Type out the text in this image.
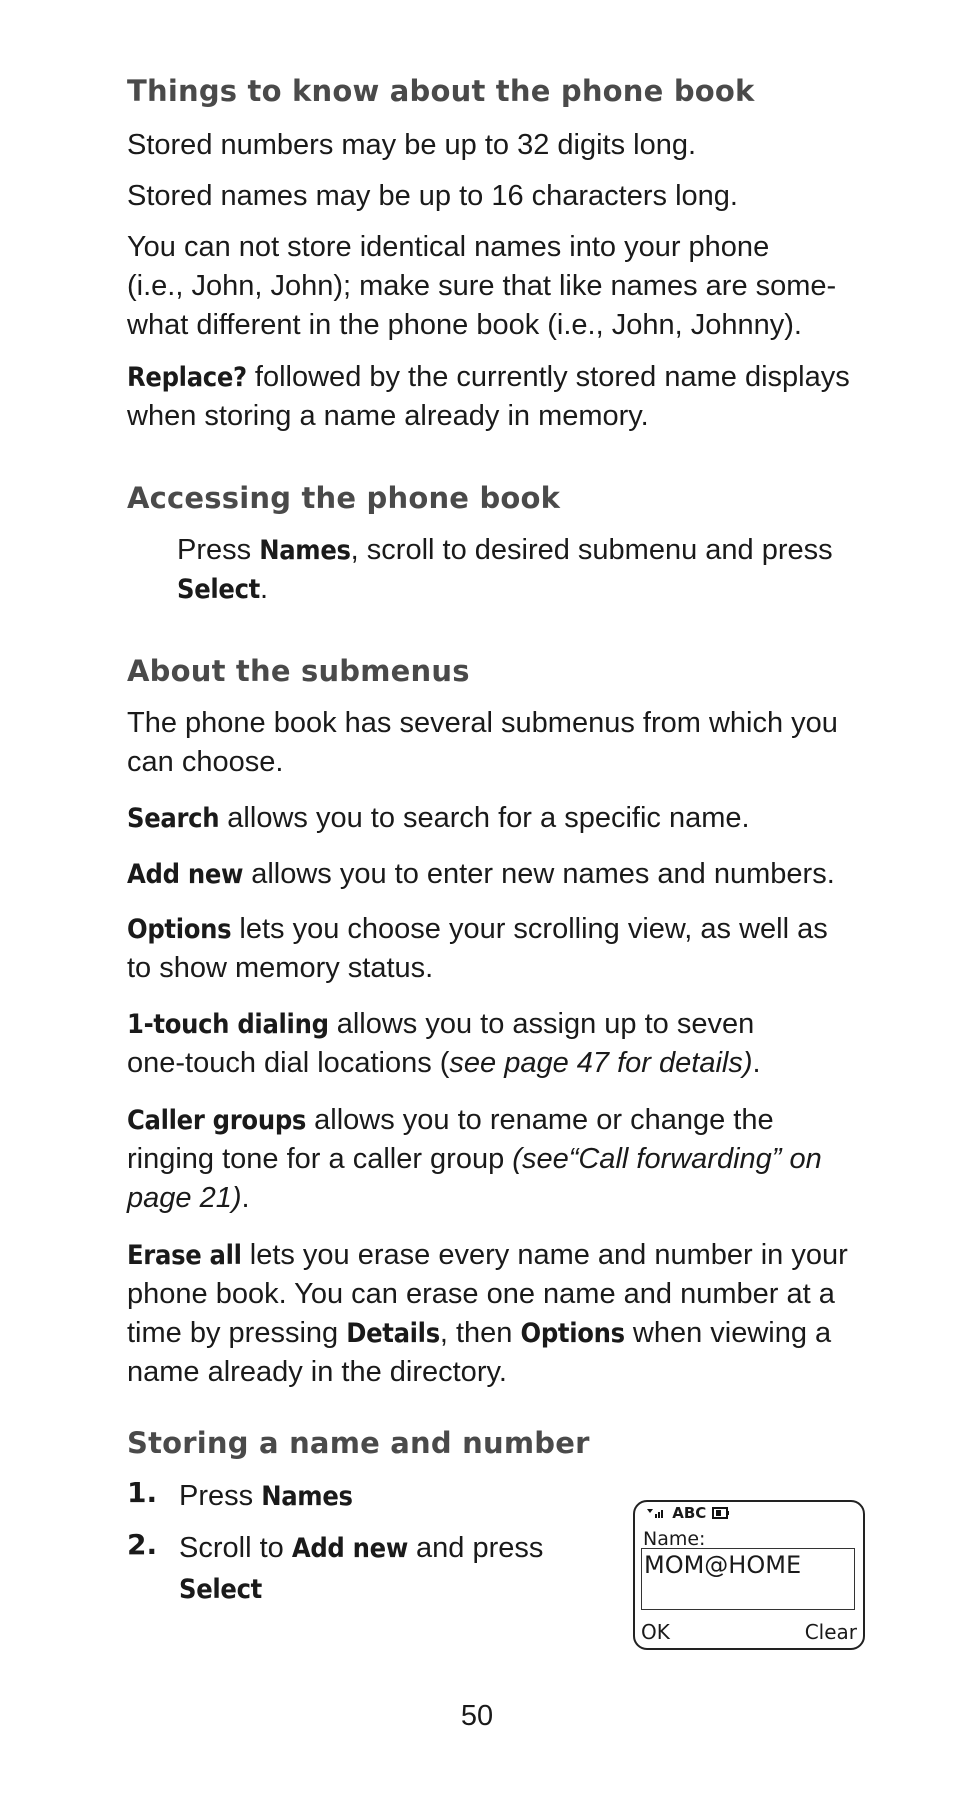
Things to know about the phone book

Stored numbers may be up to 32 digits long.

Stored names may be up to 16 characters long.

You can not store identical names into your phone
(i.e., John, John); make sure that like names are some-
what different in the phone book (i.e., John, Johnny).

Replace? followed by the currently stored name displays
when storing a name already in memory.

Accessing the phone book

Press Names, scroll to desired submenu and press
Select.

About the submenus

The phone book has several submenus from which you
can choose.

Search allows you to search for a specific name.

Add new allows you to enter new names and numbers.

Options lets you choose your scrolling view, as well as
to show memory status.

1-touch dialing allows you to assign up to seven
one-touch dial locations (see page 47 for details).

Caller groups allows you to rename or change the
ringing tone for a caller group (see“Call forwarding” on
page 21).

Erase all lets you erase every name and number in your
phone book. You can erase one name and number at a
time by pressing Details, then Options when viewing a
name already in the directory.

Storing a name and number
1. Press Names
2. Scroll to Add new and press
Select
ABC
Name:
MOM@HOME
OK	Clear
50
